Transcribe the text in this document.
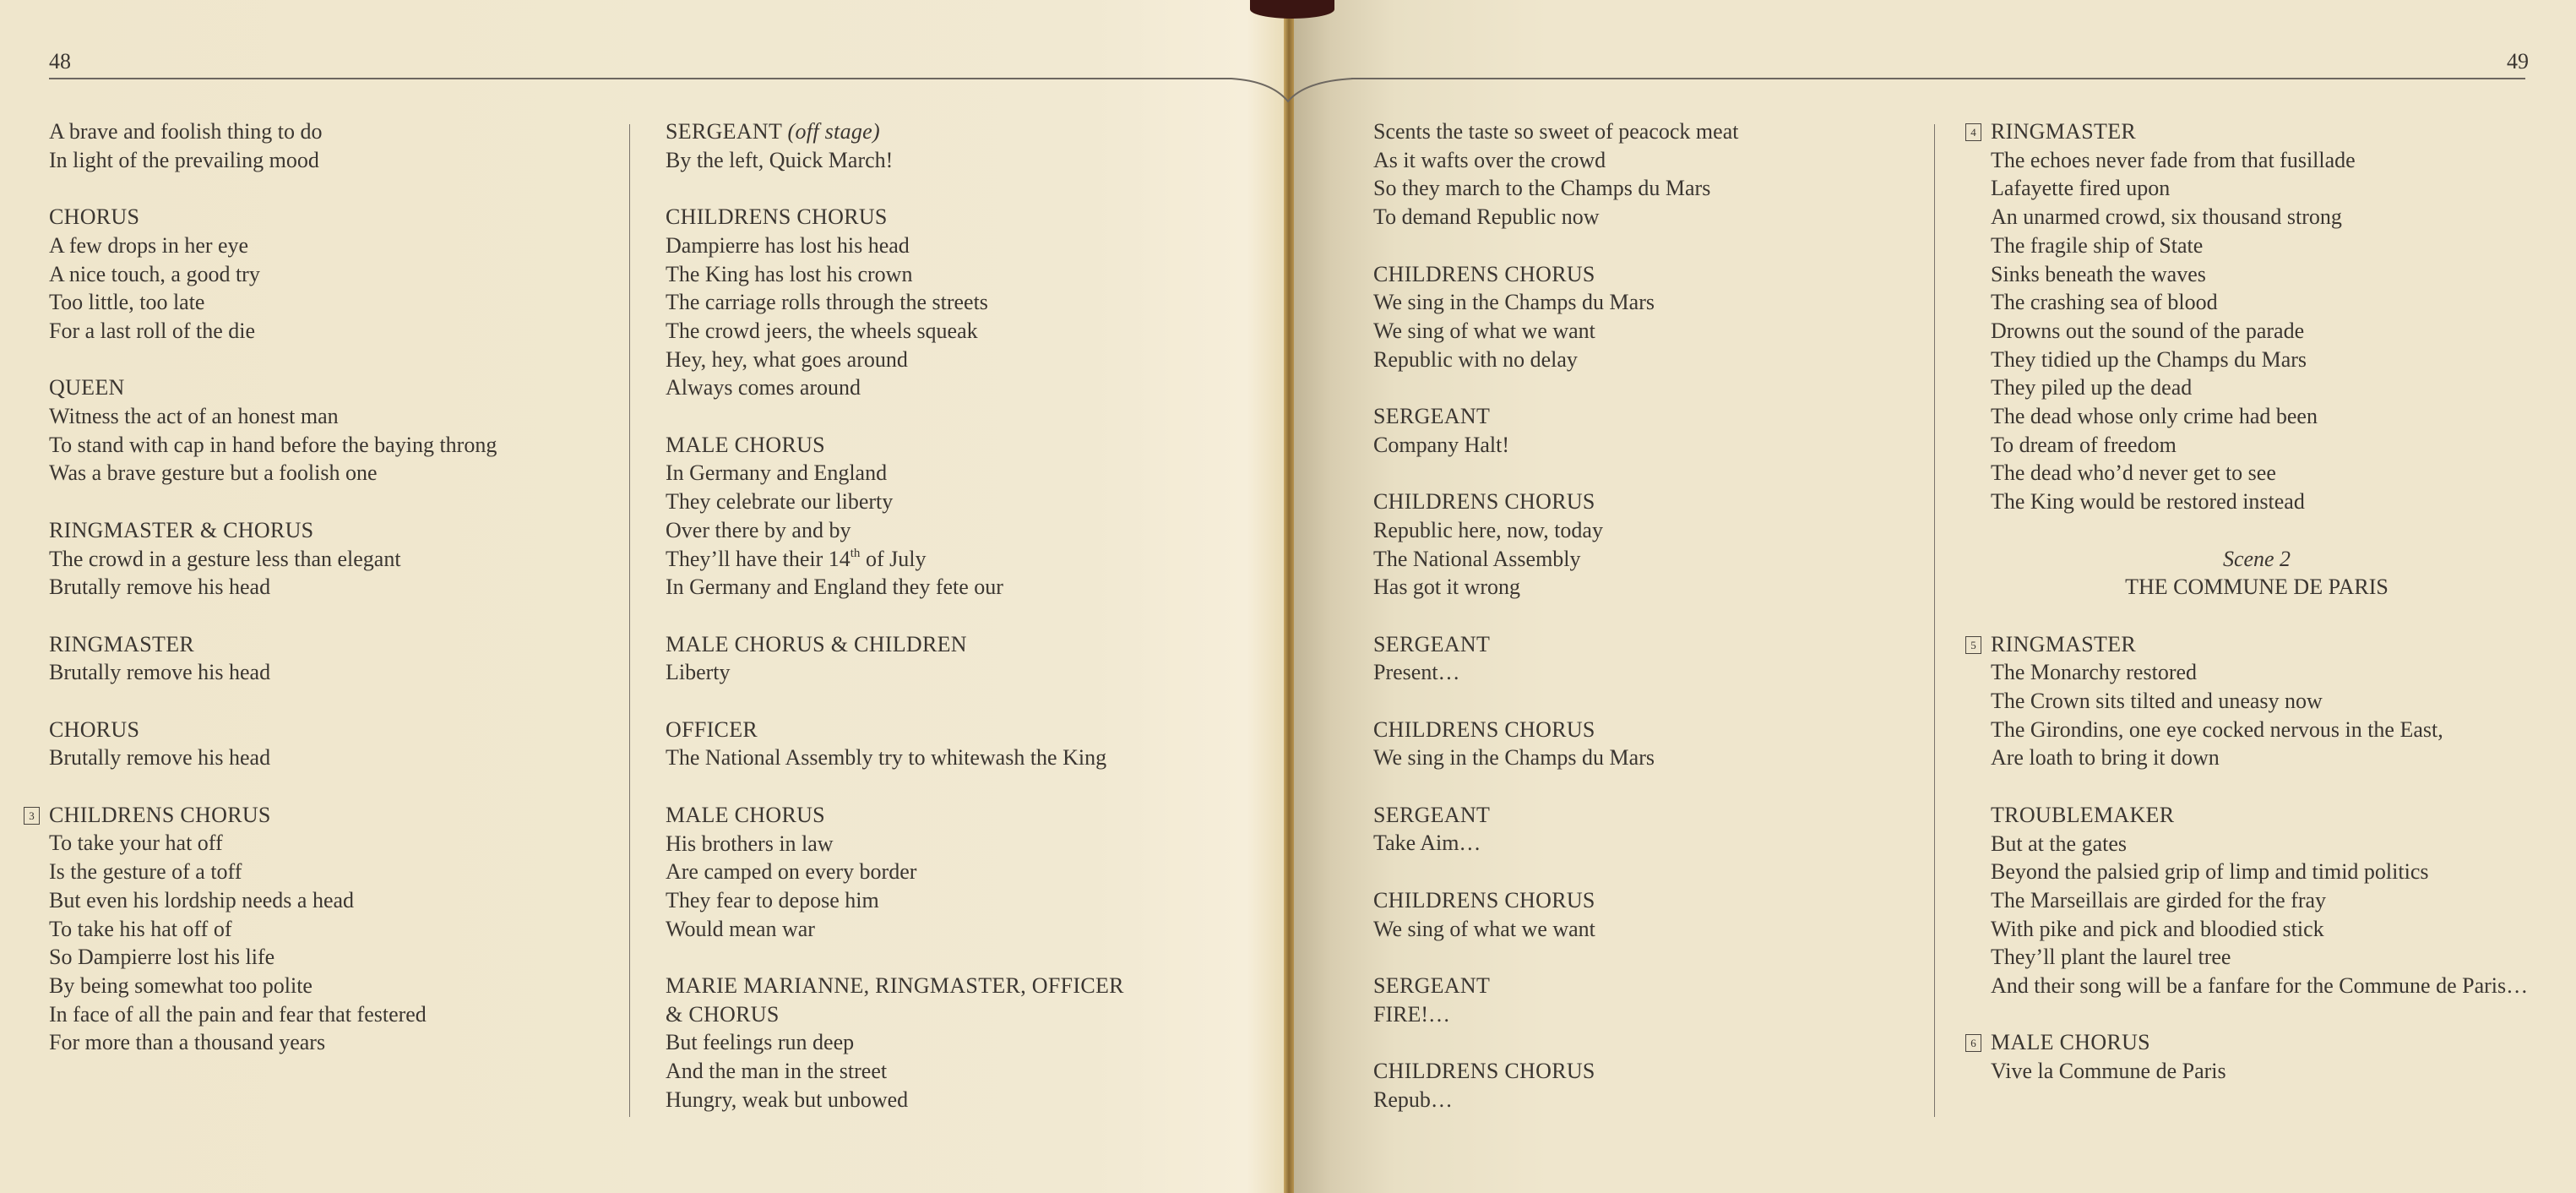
48	49
A brave and foolish thing to do
In light of the prevailing mood
CHORUS
A few drops in her eye
A nice touch, a good try
Too little, too late
For a last roll of the die
QUEEN
Witness the act of an honest man
To stand with cap in hand before the baying throng
Was a brave gesture but a foolish one
RINGMASTER & CHORUS
The crowd in a gesture less than elegant
Brutally remove his head
RINGMASTER
Brutally remove his head
CHORUS
Brutally remove his head
3 CHILDRENS CHORUS
To take your hat off
Is the gesture of a toff
But even his lordship needs a head
To take his hat off of
So Dampierre lost his life
By being somewhat too polite
In face of all the pain and fear that festered
For more than a thousand years
SERGEANT (off stage)
By the left, Quick March!
CHILDRENS CHORUS
Dampierre has lost his head
The King has lost his crown
The carriage rolls through the streets
The crowd jeers, the wheels squeak
Hey, hey, what goes around
Always comes around
MALE CHORUS
In Germany and England
They celebrate our liberty
Over there by and by
They’ll have their 14th of July
In Germany and England they fete our
MALE CHORUS & CHILDREN
Liberty
OFFICER
The National Assembly try to whitewash the King
MALE CHORUS
His brothers in law
Are camped on every border
They fear to depose him
Would mean war
MARIE MARIANNE, RINGMASTER, OFFICER
& CHORUS
But feelings run deep
And the man in the street
Hungry, weak but unbowed
Scents the taste so sweet of peacock meat
As it wafts over the crowd
So they march to the Champs du Mars
To demand Republic now
CHILDRENS CHORUS
We sing in the Champs du Mars
We sing of what we want
Republic with no delay
SERGEANT
Company Halt!
CHILDRENS CHORUS
Republic here, now, today
The National Assembly
Has got it wrong
SERGEANT
Present…
CHILDRENS CHORUS
We sing in the Champs du Mars
SERGEANT
Take Aim…
CHILDRENS CHORUS
We sing of what we want
SERGEANT
FIRE!…
CHILDRENS CHORUS
Repub…
4 RINGMASTER
The echoes never fade from that fusillade
Lafayette fired upon
An unarmed crowd, six thousand strong
The fragile ship of State
Sinks beneath the waves
The crashing sea of blood
Drowns out the sound of the parade
They tidied up the Champs du Mars
They piled up the dead
The dead whose only crime had been
To dream of freedom
The dead who’d never get to see
The King would be restored instead
Scene 2
THE COMMUNE DE PARIS
5 RINGMASTER
The Monarchy restored
The Crown sits tilted and uneasy now
The Girondins, one eye cocked nervous in the East,
Are loath to bring it down
TROUBLEMAKER
But at the gates
Beyond the palsied grip of limp and timid politics
The Marseillais are girded for the fray
With pike and pick and bloodied stick
They’ll plant the laurel tree
And their song will be a fanfare for the Commune de Paris…
6 MALE CHORUS
Vive la Commune de Paris
